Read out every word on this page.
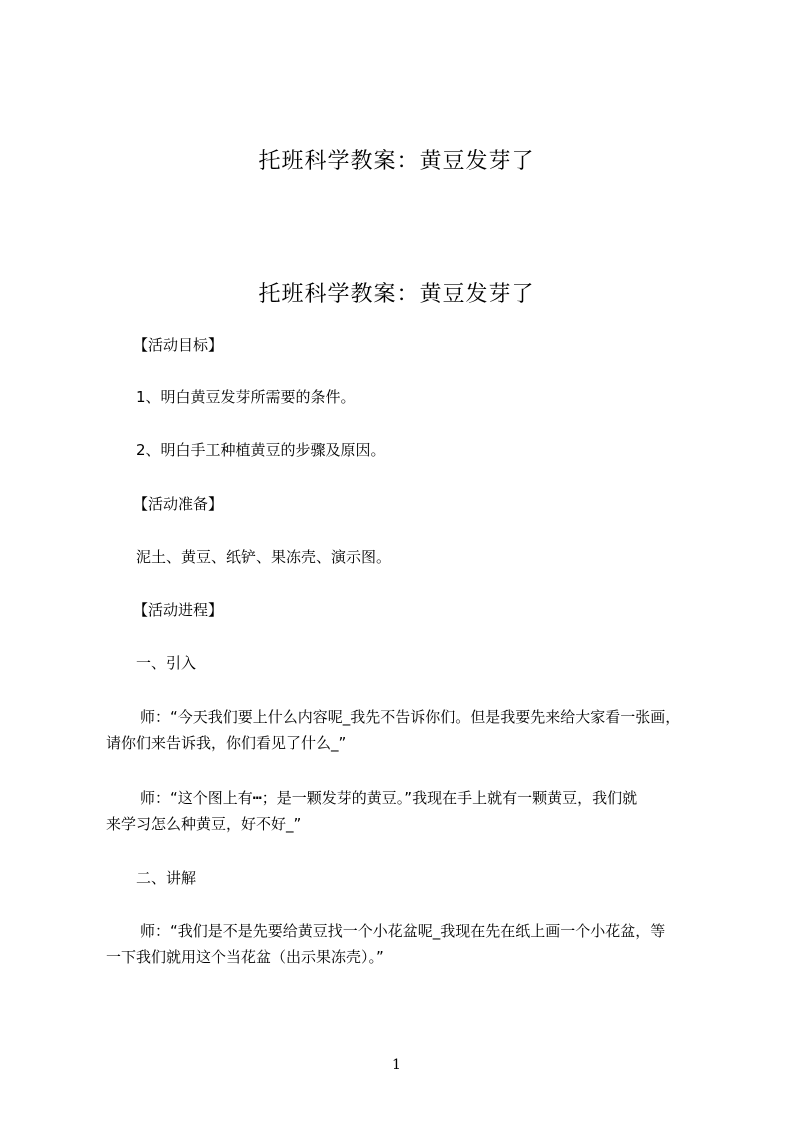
托班科学教案：黄豆发芽了
托班科学教案：黄豆发芽了
【活动目标】
1、明白黄豆发芽所需要的条件。
2、明白手工种植黄豆的步骤及原因。
【活动准备】
泥土、黄豆、纸铲、果冻壳、演示图。
【活动进程】
一、引入
师：“今天我们要上什么内容呢_我先不告诉你们。但是我要先来给大家看一张画，
请你们来告诉我，你们看见了什么_”
师：“这个图上有┅；是一颗发芽的黄豆。”我现在手上就有一颗黄豆，我们就
来学习怎么种黄豆，好不好_”
二、讲解
师：“我们是不是先要给黄豆找一个小花盆呢_我现在先在纸上画一个小花盆，等
一下我们就用这个当花盆（出示果冻壳）。”
1
